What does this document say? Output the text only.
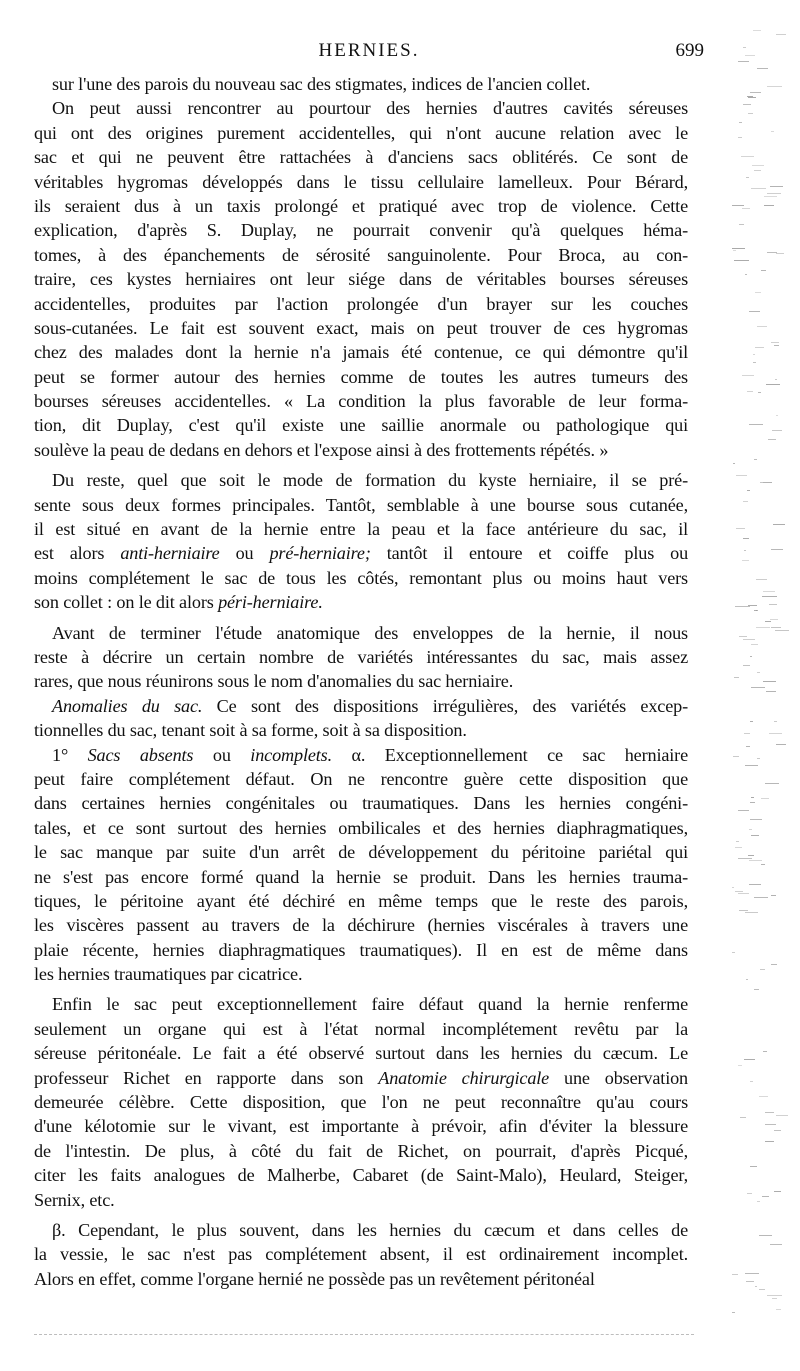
HERNIES.	699
sur l'une des parois du nouveau sac des stigmates, indices de l'ancien collet.
On peut aussi rencontrer au pourtour des hernies d'autres cavités séreuses
qui ont des origines purement accidentelles, qui n'ont aucune relation avec le
sac et qui ne peuvent être rattachées à d'anciens sacs oblitérés. Ce sont de
véritables hygromas développés dans le tissu cellulaire lamelleux. Pour Bérard,
ils seraient dus à un taxis prolongé et pratiqué avec trop de violence. Cette
explication, d'après S. Duplay, ne pourrait convenir qu'à quelques héma-
tomes, à des épanchements de sérosité sanguinolente. Pour Broca, au con-
traire, ces kystes herniaires ont leur siége dans de véritables bourses séreuses
accidentelles, produites par l'action prolongée d'un brayer sur les couches
sous-cutanées. Le fait est souvent exact, mais on peut trouver de ces hygromas
chez des malades dont la hernie n'a jamais été contenue, ce qui démontre qu'il
peut se former autour des hernies comme de toutes les autres tumeurs des
bourses séreuses accidentelles. « La condition la plus favorable de leur forma-
tion, dit Duplay, c'est qu'il existe une saillie anormale ou pathologique qui
soulève la peau de dedans en dehors et l'expose ainsi à des frottements répétés. »
Du reste, quel que soit le mode de formation du kyste herniaire, il se pré-
sente sous deux formes principales. Tantôt, semblable à une bourse sous cutanée,
il est situé en avant de la hernie entre la peau et la face antérieure du sac, il
est alors anti-herniaire ou pré-herniaire; tantôt il entoure et coiffe plus ou
moins complétement le sac de tous les côtés, remontant plus ou moins haut vers
son collet : on le dit alors péri-herniaire.
Avant de terminer l'étude anatomique des enveloppes de la hernie, il nous
reste à décrire un certain nombre de variétés intéressantes du sac, mais assez
rares, que nous réunirons sous le nom d'anomalies du sac herniaire.
Anomalies du sac. Ce sont des dispositions irrégulières, des variétés excep-
tionnelles du sac, tenant soit à sa forme, soit à sa disposition.
1° Sacs absents ou incomplets. α. Exceptionnellement ce sac herniaire
peut faire complétement défaut. On ne rencontre guère cette disposition que
dans certaines hernies congénitales ou traumatiques. Dans les hernies congéni-
tales, et ce sont surtout des hernies ombilicales et des hernies diaphragmatiques,
le sac manque par suite d'un arrêt de développement du péritoine pariétal qui
ne s'est pas encore formé quand la hernie se produit. Dans les hernies trauma-
tiques, le péritoine ayant été déchiré en même temps que le reste des parois,
les viscères passent au travers de la déchirure (hernies viscérales à travers une
plaie récente, hernies diaphragmatiques traumatiques). Il en est de même dans
les hernies traumatiques par cicatrice.
Enfin le sac peut exceptionnellement faire défaut quand la hernie renferme
seulement un organe qui est à l'état normal incomplétement revêtu par la
séreuse péritonéale. Le fait a été observé surtout dans les hernies du cæcum. Le
professeur Richet en rapporte dans son Anatomie chirurgicale une observation
demeurée célèbre. Cette disposition, que l'on ne peut reconnaître qu'au cours
d'une kélotomie sur le vivant, est importante à prévoir, afin d'éviter la blessure
de l'intestin. De plus, à côté du fait de Richet, on pourrait, d'après Picqué,
citer les faits analogues de Malherbe, Cabaret (de Saint-Malo), Heulard, Steiger,
Sernix, etc.
β. Cependant, le plus souvent, dans les hernies du cæcum et dans celles de
la vessie, le sac n'est pas complétement absent, il est ordinairement incomplet.
Alors en effet, comme l'organe hernié ne possède pas un revêtement péritonéal
